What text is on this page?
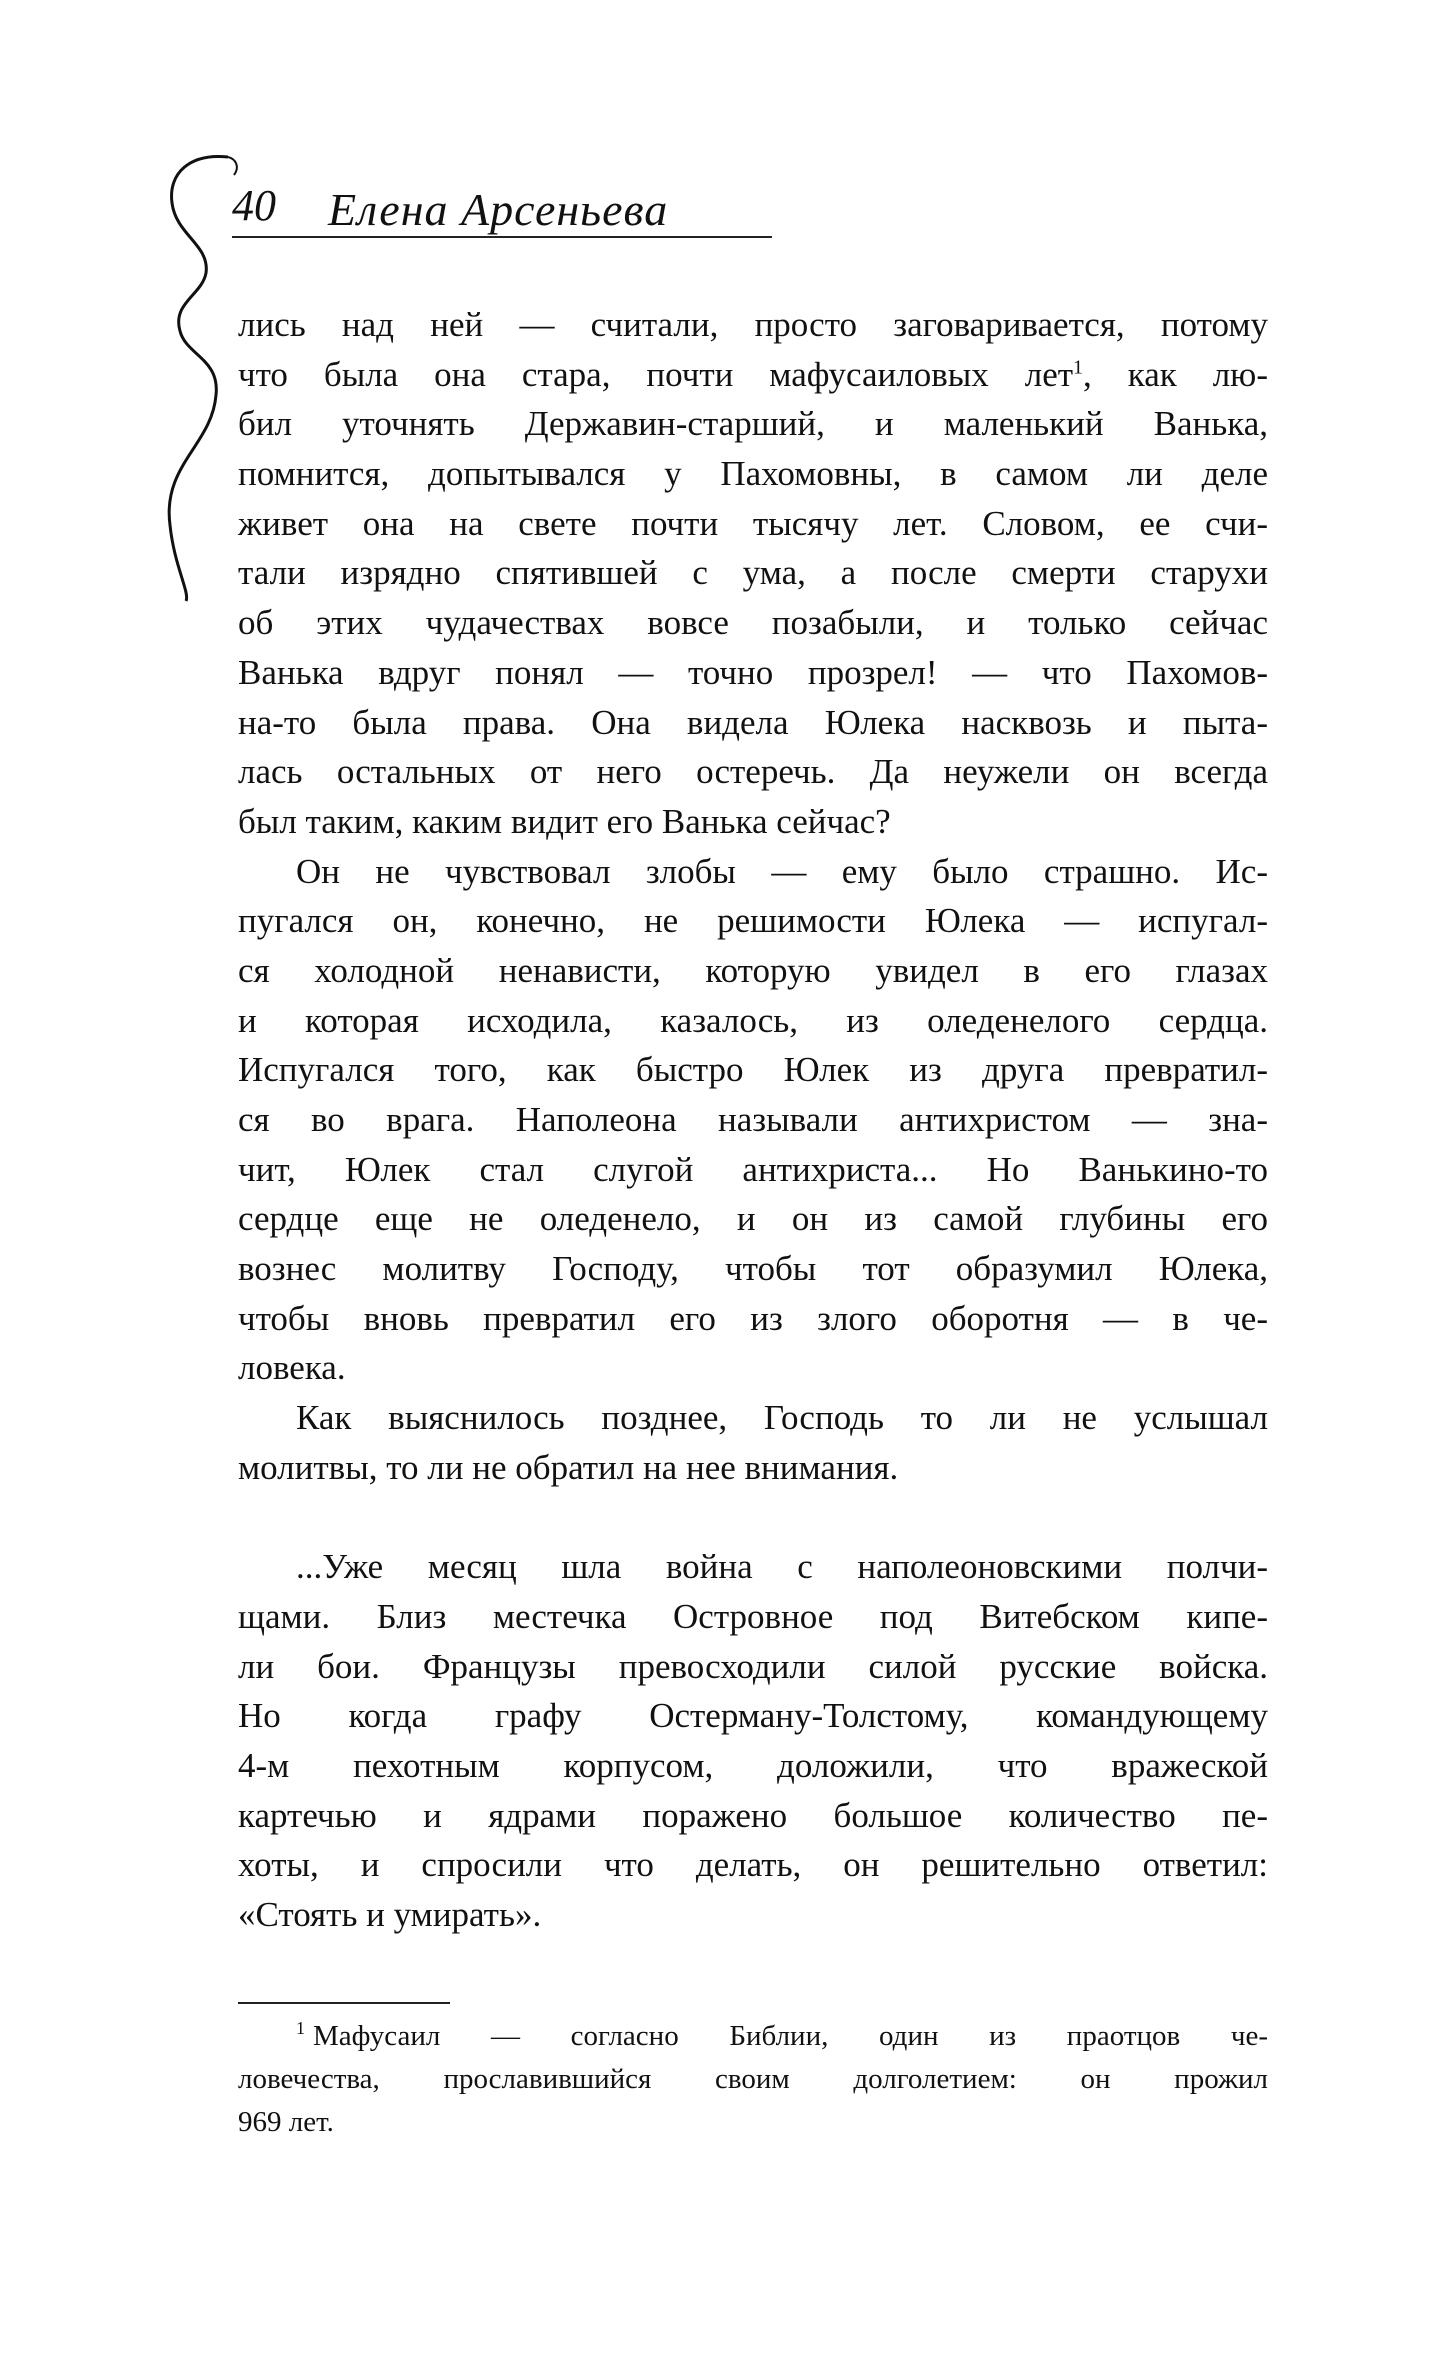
40 Елена Арсеньева
лись над ней — считали, просто заговаривается, потому
что была она стара, почти мафусаиловых лет$^1$, как лю-
бил уточнять Державин-старший, и маленький Ванька,
помнится, допытывался у Пахомовны, в самом ли деле
живет она на свете почти тысячу лет. Словом, ее счи-
тали изрядно спятившей с ума, а после смерти старухи
об этих чудачествах вовсе позабыли, и только сейчас
Ванька вдруг понял — точно прозрел! — что Пахомов-
на-то была права. Она видела Юлека насквозь и пыта-
лась остальных от него остеречь. Да неужели он всегда
был таким, каким видит его Ванька сейчас?
Он не чувствовал злобы — ему было страшно. Ис-
пугался он, конечно, не решимости Юлека — испугал-
ся холодной ненависти, которую увидел в его глазах
и которая исходила, казалось, из оледенелого сердца.
Испугался того, как быстро Юлек из друга превратил-
ся во врага. Наполеона называли антихристом — зна-
чит, Юлек стал слугой антихриста... Но Ванькино-то
сердце еще не оледенело, и он из самой глубины его
вознес молитву Господу, чтобы тот образумил Юлека,
чтобы вновь превратил его из злого оборотня — в че-
ловека.
Как выяснилось позднее, Господь то ли не услышал
молитвы, то ли не обратил на нее внимания.
...Уже месяц шла война с наполеоновскими полчи-
щами. Близ местечка Островное под Витебском кипе-
ли бои. Французы превосходили силой русские войска.
Но когда графу Остерману-Толстому, командующему
4-м пехотным корпусом, доложили, что вражеской
картечью и ядрами поражено большое количество пе-
хоты, и спросили что делать, он решительно ответил:
«Стоять и умирать».
$^1$ Мафусаил — согласно Библии, один из праотцов че-
ловечества, прославившийся своим долголетием: он прожил
969 лет.
